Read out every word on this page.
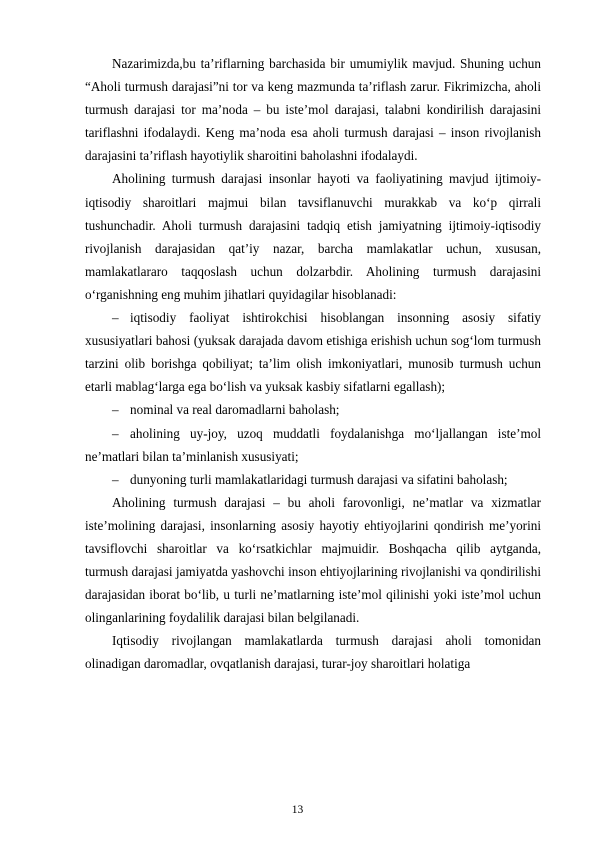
Nazarimizda,bu ta’riflarning barchasida bir umumiylik mavjud. Shuning uchun “Aholi turmush darajasi”ni tor va keng mazmunda ta’riflash zarur. Fikrimizcha, aholi turmush darajasi tor ma’noda – bu iste’mol darajasi, talabni kondirilish darajasini tariflashni ifodalaydi. Keng ma’noda esa aholi turmush darajasi – inson rivojlanish darajasini ta’riflash hayotiylik sharoitini baholashni ifodalaydi.

Aholining turmush darajasi insonlar hayoti va faoliyatining mavjud ijtimoiy- iqtisodiy sharoitlari majmui bilan tavsiflanuvchi murakkab va ko‘p qirrali tushunchadir. Aholi turmush darajasini tadqiq etish jamiyatning ijtimoiy-iqtisodiy rivojlanish darajasidan qat’iy nazar, barcha mamlakatlar uchun, xususan, mamlakatlararo taqqoslash uchun dolzarbdir. Aholining turmush darajasini o‘rganishning eng muhim jihatlari quyidagilar hisoblanadi:

– iqtisodiy faoliyat ishtirokchisi hisoblangan insonning asosiy sifatiy xususiyatlari bahosi (yuksak darajada davom etishiga erishish uchun sog‘lom turmush tarzini olib borishga qobiliyat; ta’lim olish imkoniyatlari, munosib turmush uchun etarli mablag‘larga ega bo‘lish va yuksak kasbiy sifatlarni egallash);

– nominal va real daromadlarni baholash;

– aholining uy-joy, uzoq muddatli foydalanishga mo‘ljallangan iste’mol ne’matlari bilan ta’minlanish xususiyati;

– dunyoning turli mamlakatlaridagi turmush darajasi va sifatini baholash;

Aholining turmush darajasi – bu aholi farovonligi, ne’matlar va xizmatlar iste’molining darajasi, insonlarning asosiy hayotiy ehtiyojlarini qondirish me’yorini tavsiflovchi sharoitlar va ko‘rsatkichlar majmuidir. Boshqacha qilib aytganda, turmush darajasi jamiyatda yashovchi inson ehtiyojlarining rivojlanishi va qondirilishi darajasidan iborat bo‘lib, u turli ne’matlarning iste’mol qilinishi yoki iste’mol uchun olinganlarining foydalilik darajasi bilan belgilanadi.

Iqtisodiy rivojlangan mamlakatlarda turmush darajasi aholi tomonidan olinadigan daromadlar, ovqatlanish darajasi, turar-joy sharoitlari holatiga

13
